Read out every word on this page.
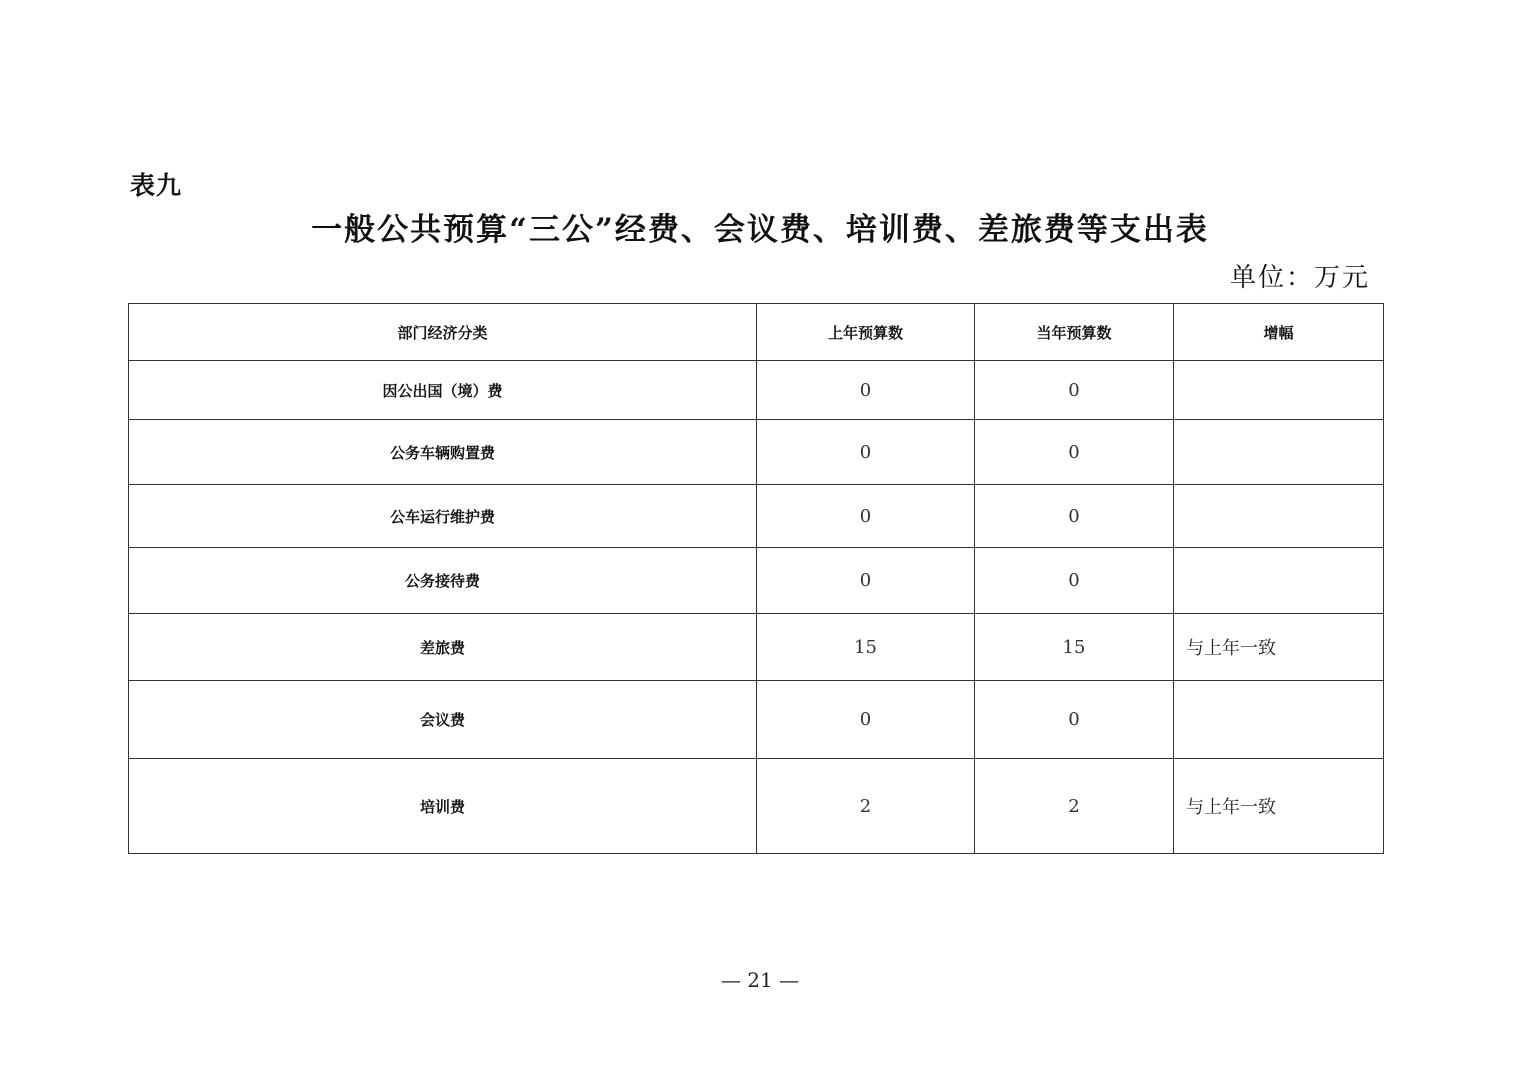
表九
一般公共预算“三公”经费、会议费、培训费、差旅费等支出表
单位：万元
部门经济分类	上年预算数	当年预算数	增幅
因公出国（境）费	0	0	
公务车辆购置费	0	0	
公车运行维护费	0	0	
公务接待费	0	0	
差旅费	15	15	与上年一致
会议费	0	0	
培训费	2	2	与上年一致
— 21 —
